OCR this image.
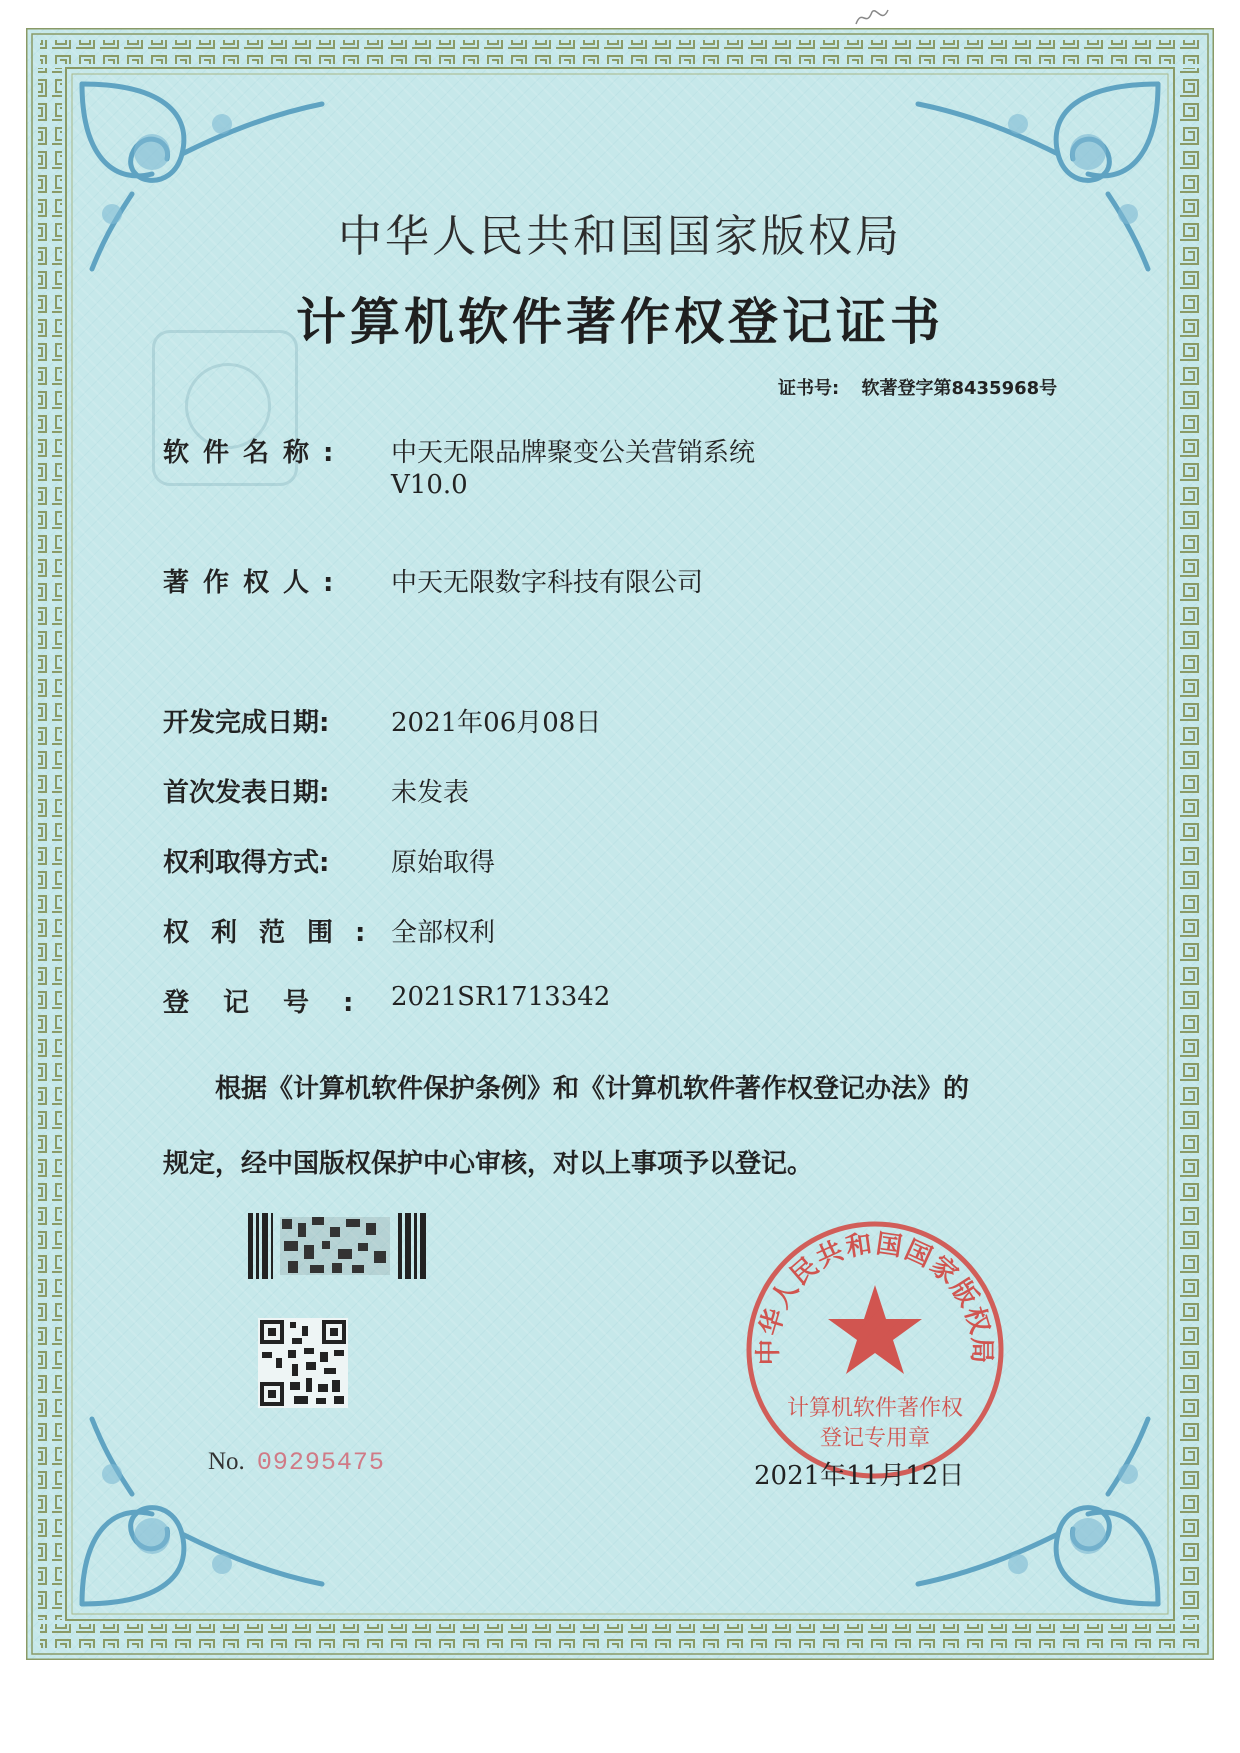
中华人民共和国国家版权局
计算机软件著作权登记证书
证书号: 软著登字第8435968号
软件名称: 中天无限品牌聚变公关营销系统
V10.0
著作权人: 中天无限数字科技有限公司
开发完成日期: 2021年06月08日
首次发表日期: 未发表
权利取得方式: 原始取得
权利范围: 全部权利
登记号: 2021SR1713342
根据《计算机软件保护条例》和《计算机软件著作权登记办法》的
规定，经中国版权保护中心审核，对以上事项予以登记。
No. 09295475
中华人民共和国国家版权局
计算机软件著作权
登记专用章
2021年11月12日
